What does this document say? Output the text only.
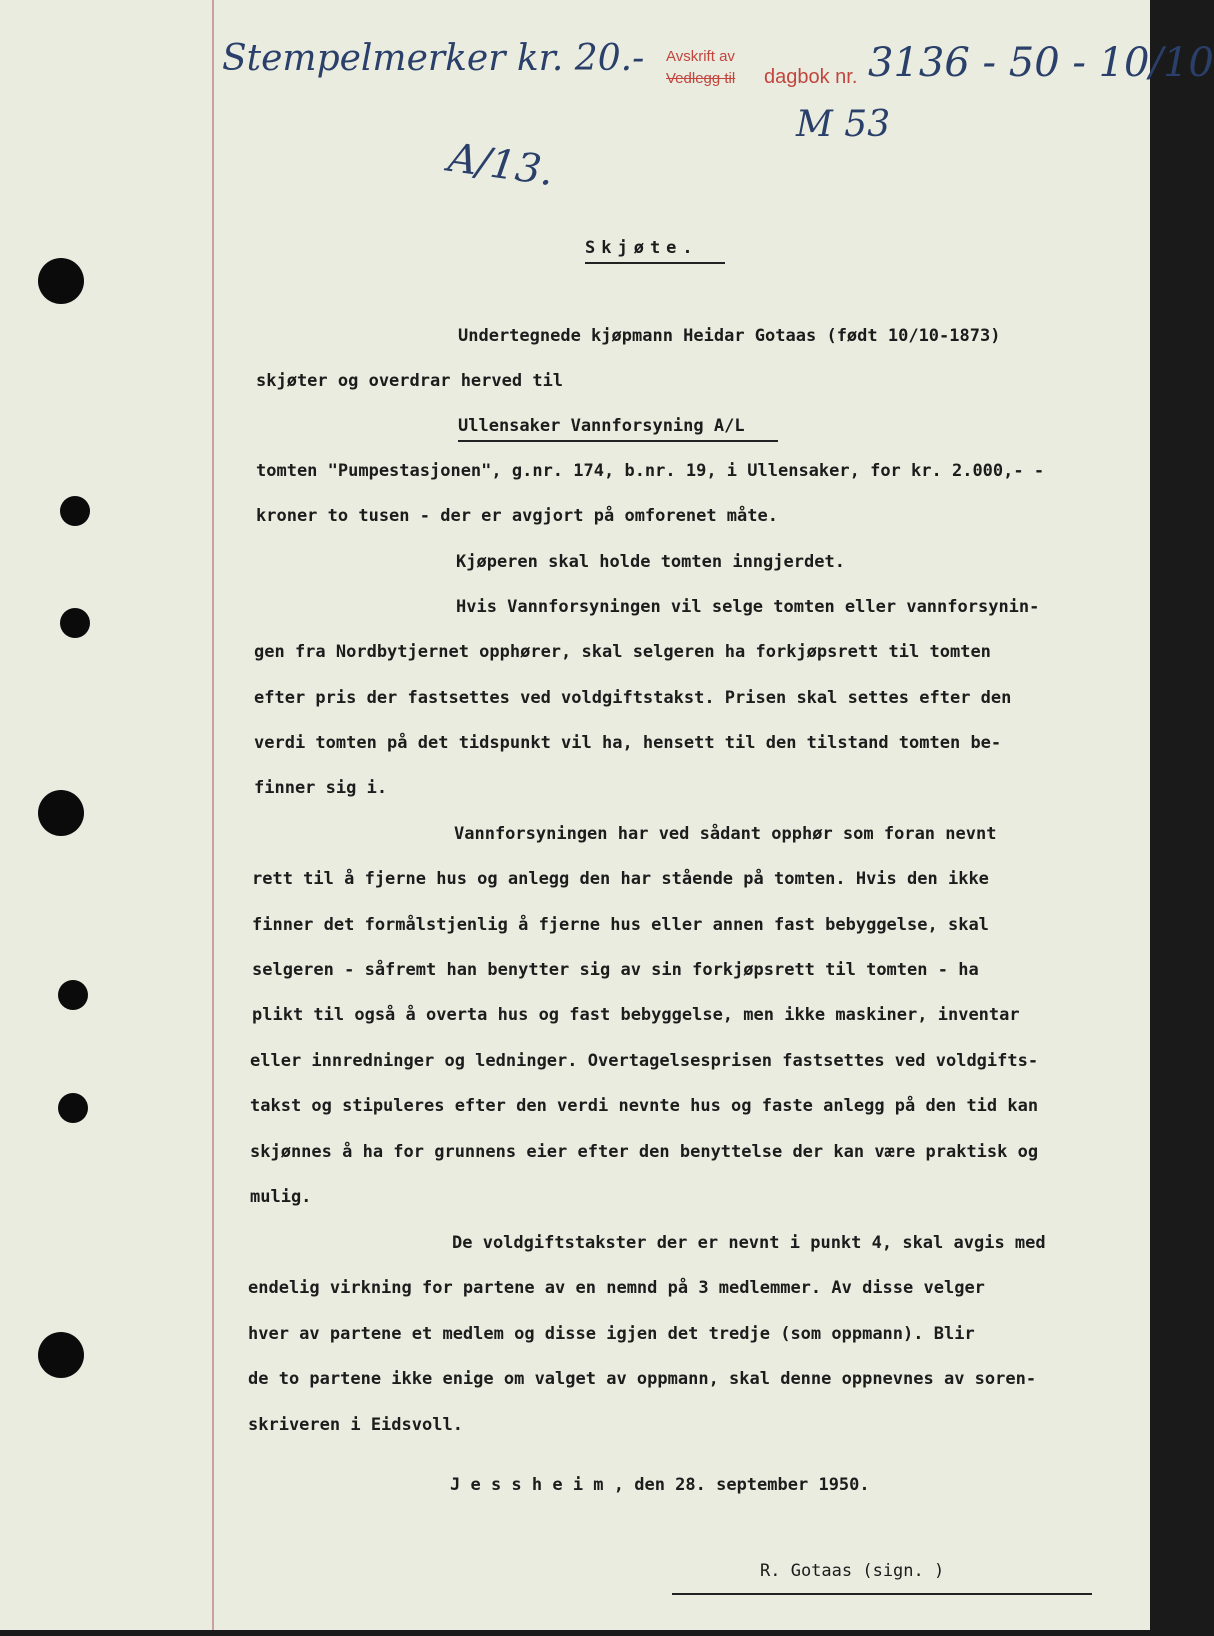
Stempelmerker kr. 20.- Avskrift av
Vedlegg til dagbok nr. 3136 - 50 - 10/10
M 53
A/13.
Skjøte.
Undertegnede kjøpmann Heidar Gotaas (født 10/10-1873)
skjøter og overdrar herved til
Ullensaker Vannforsyning A/L
tomten "Pumpestasjonen", g.nr. 174, b.nr. 19, i Ullensaker, for kr. 2.000,- -
kroner to tusen - der er avgjort på omforenet måte.
Kjøperen skal holde tomten inngjerdet.
Hvis Vannforsyningen vil selge tomten eller vannforsynin-
gen fra Nordbytjernet opphører, skal selgeren ha forkjøpsrett til tomten
efter pris der fastsettes ved voldgiftstakst. Prisen skal settes efter den
verdi tomten på det tidspunkt vil ha, hensett til den tilstand tomten be-
finner sig i.
Vannforsyningen har ved sådant opphør som foran nevnt
rett til å fjerne hus og anlegg den har stående på tomten. Hvis den ikke
finner det formålstjenlig å fjerne hus eller annen fast bebyggelse, skal
selgeren - såfremt han benytter sig av sin forkjøpsrett til tomten - ha
plikt til også å overta hus og fast bebyggelse, men ikke maskiner, inventar
eller innredninger og ledninger. Overtagelsesprisen fastsettes ved voldgifts-
takst og stipuleres efter den verdi nevnte hus og faste anlegg på den tid kan
skjønnes å ha for grunnens eier efter den benyttelse der kan være praktisk og
mulig.
De voldgiftstakster der er nevnt i punkt 4, skal avgis med
endelig virkning for partene av en nemnd på 3 medlemmer. Av disse velger
hver av partene et medlem og disse igjen det tredje (som oppmann). Blir
de to partene ikke enige om valget av oppmann, skal denne oppnevnes av soren-
skriveren i Eidsvoll.
J e s s h e i m , den 28. september 1950.
R. Gotaas (sign. )
